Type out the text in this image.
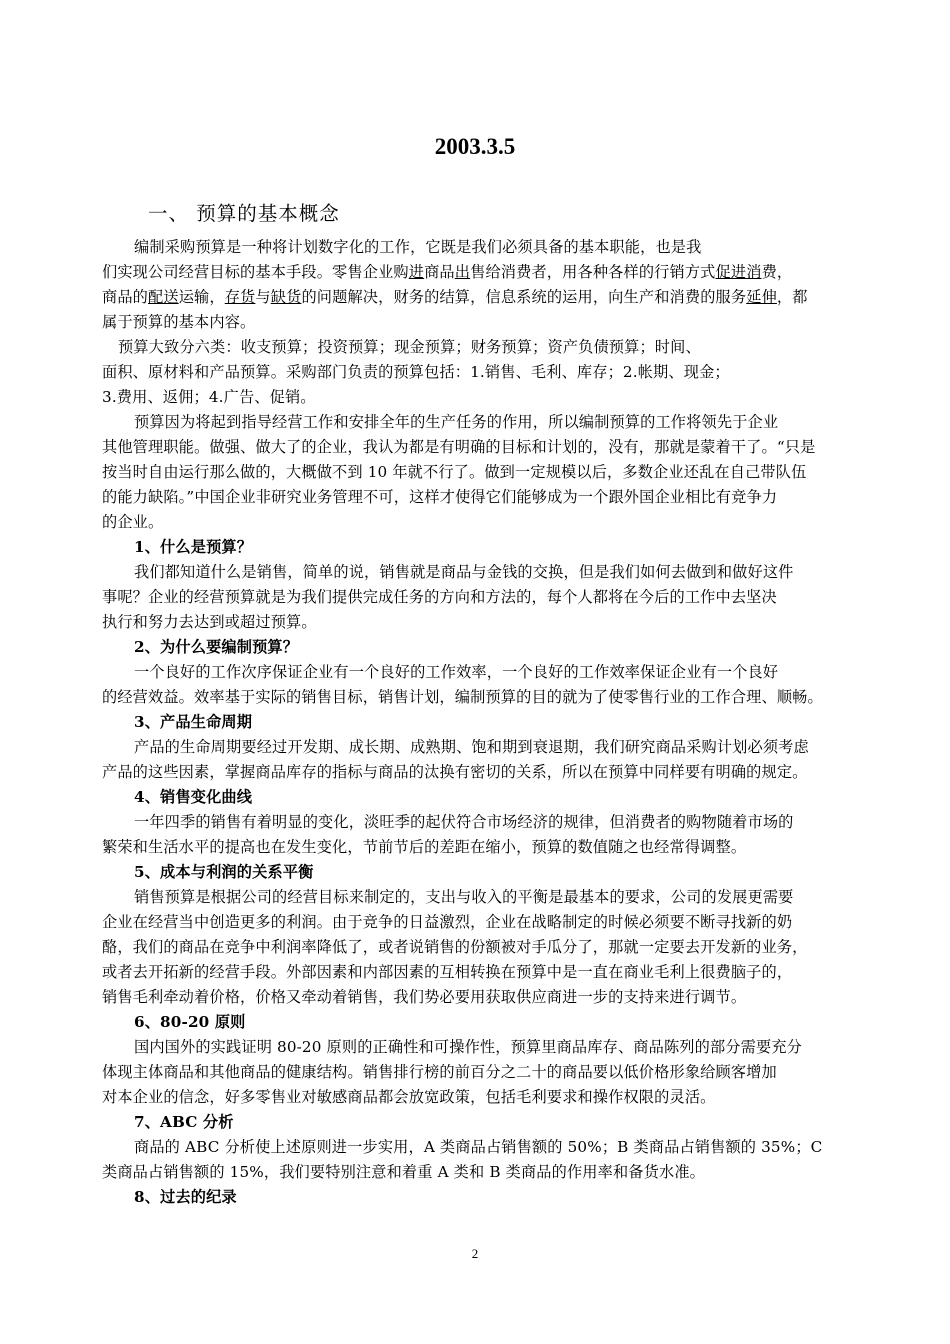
2003.3.5
一、 预算的基本概念
编制采购预算是一种将计划数字化的工作，它既是我们必须具备的基本职能，也是我
们实现公司经营目标的基本手段。零售企业购进商品出售给消费者，用各种各样的行销方式促进消费，
商品的配送运输，存货与缺货的问题解决，财务的结算，信息系统的运用，向生产和消费的服务延伸，都
属于预算的基本内容。
预算大致分六类：收支预算；投资预算；现金预算；财务预算；资产负债预算；时间、
面积、原材料和产品预算。采购部门负责的预算包括：1.销售、毛利、库存；2.帐期、现金；
3.费用、返佣；4.广告、促销。
预算因为将起到指导经营工作和安排全年的生产任务的作用，所以编制预算的工作将领先于企业
其他管理职能。做强、做大了的企业，我认为都是有明确的目标和计划的，没有，那就是蒙着干了。“只是
按当时自由运行那么做的，大概做不到 10 年就不行了。做到一定规模以后，多数企业还乱在自己带队伍
的能力缺陷。”中国企业非研究业务管理不可，这样才使得它们能够成为一个跟外国企业相比有竞争力
的企业。
1、什么是预算？
我们都知道什么是销售，简单的说，销售就是商品与金钱的交换，但是我们如何去做到和做好这件
事呢？企业的经营预算就是为我们提供完成任务的方向和方法的，每个人都将在今后的工作中去坚决
执行和努力去达到或超过预算。
2、为什么要编制预算？
一个良好的工作次序保证企业有一个良好的工作效率，一个良好的工作效率保证企业有一个良好
的经营效益。效率基于实际的销售目标，销售计划，编制预算的目的就为了使零售行业的工作合理、顺畅。
3、产品生命周期
产品的生命周期要经过开发期、成长期、成熟期、饱和期到衰退期，我们研究商品采购计划必须考虑
产品的这些因素，掌握商品库存的指标与商品的汰换有密切的关系，所以在预算中同样要有明确的规定。
4、销售变化曲线
一年四季的销售有着明显的变化，淡旺季的起伏符合市场经济的规律，但消费者的购物随着市场的
繁荣和生活水平的提高也在发生变化，节前节后的差距在缩小，预算的数值随之也经常得调整。
5、成本与利润的关系平衡
销售预算是根据公司的经营目标来制定的，支出与收入的平衡是最基本的要求，公司的发展更需要
企业在经营当中创造更多的利润。由于竞争的日益激烈，企业在战略制定的时候必须要不断寻找新的奶
酪，我们的商品在竞争中利润率降低了，或者说销售的份额被对手瓜分了，那就一定要去开发新的业务，
或者去开拓新的经营手段。外部因素和内部因素的互相转换在预算中是一直在商业毛利上很费脑子的，
销售毛利牵动着价格，价格又牵动着销售，我们势必要用获取供应商进一步的支持来进行调节。
6、80-20 原则
国内国外的实践证明 80-20 原则的正确性和可操作性，预算里商品库存、商品陈列的部分需要充分
体现主体商品和其他商品的健康结构。销售排行榜的前百分之二十的商品要以低价格形象给顾客增加
对本企业的信念，好多零售业对敏感商品都会放宽政策，包括毛利要求和操作权限的灵活。
7、ABC 分析
商品的 ABC 分析使上述原则进一步实用，A 类商品占销售额的 50%；B 类商品占销售额的 35%；C
类商品占销售额的 15%，我们要特别注意和着重 A 类和 B 类商品的作用率和备货水准。
8、过去的纪录
2
